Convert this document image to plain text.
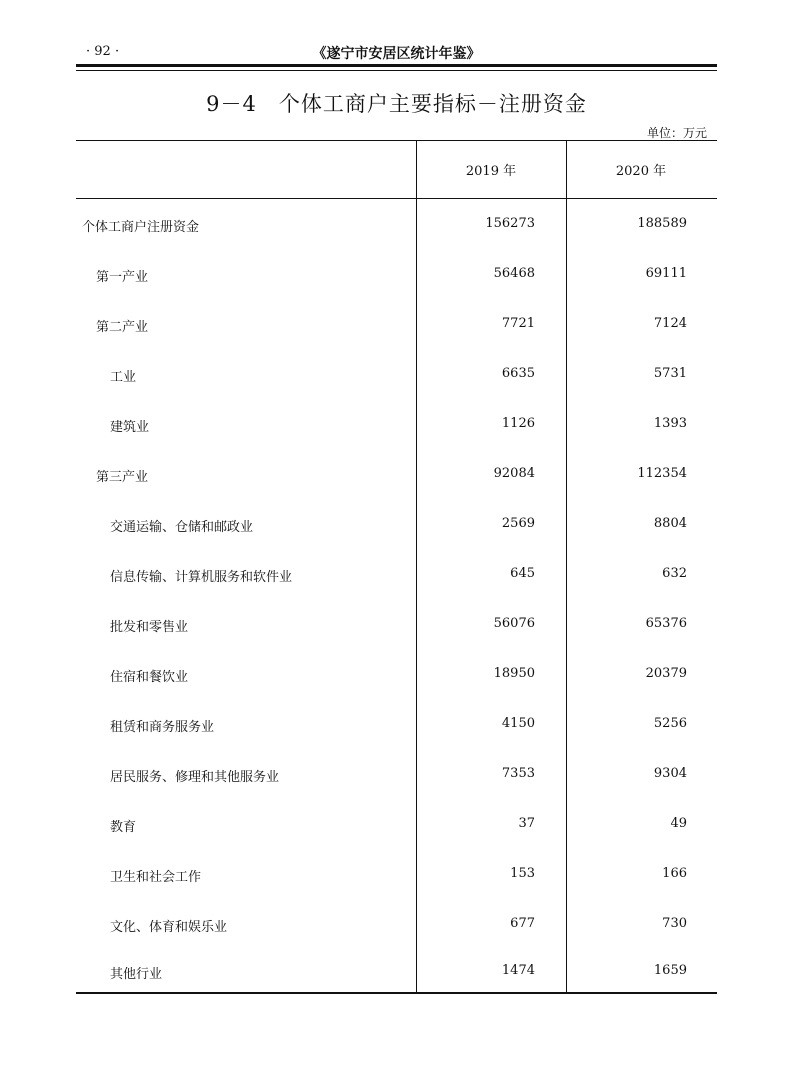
· 92 ·	《遂宁市安居区统计年鉴》
9－4　个体工商户主要指标－注册资金
单位：万元
2019 年	2020 年
个体工商户注册资金	156273	188589
第一产业	56468	69111
第二产业	7721	7124
工业	6635	5731
建筑业	1126	1393
第三产业	92084	112354
交通运输、仓储和邮政业	2569	8804
信息传输、计算机服务和软件业	645	632
批发和零售业	56076	65376
住宿和餐饮业	18950	20379
租赁和商务服务业	4150	5256
居民服务、修理和其他服务业	7353	9304
教育	37	49
卫生和社会工作	153	166
文化、体育和娱乐业	677	730
其他行业	1474	1659
